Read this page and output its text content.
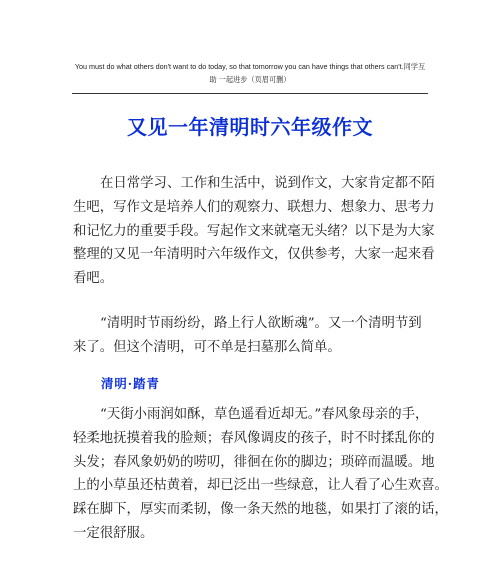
You must do what others don't want to do today, so that tomorrow you can have things that others can't.同学互
助 一起进步（页眉可删）
又见一年清明时六年级作文
在日常学习、工作和生活中，说到作文，大家肯定都不陌
生吧，写作文是培养人们的观察力、联想力、想象力、思考力
和记忆力的重要手段。写起作文来就毫无头绪？以下是为大家
整理的又见一年清明时六年级作文，仅供参考，大家一起来看
看吧。
“清明时节雨纷纷，路上行人欲断魂”。又一个清明节到
来了。但这个清明，可不单是扫墓那么简单。
清明·踏青
“天街小雨润如酥，草色遥看近却无。”春风象母亲的手，
轻柔地抚摸着我的脸颊；春风像调皮的孩子，时不时揉乱你的
头发；春风象奶奶的唠叨，徘徊在你的脚边；琐碎而温暖。地
上的小草虽还枯黄着，却已泛出一些绿意，让人看了心生欢喜。
踩在脚下，厚实而柔韧，像一条天然的地毯，如果打了滚的话，
一定很舒服。
